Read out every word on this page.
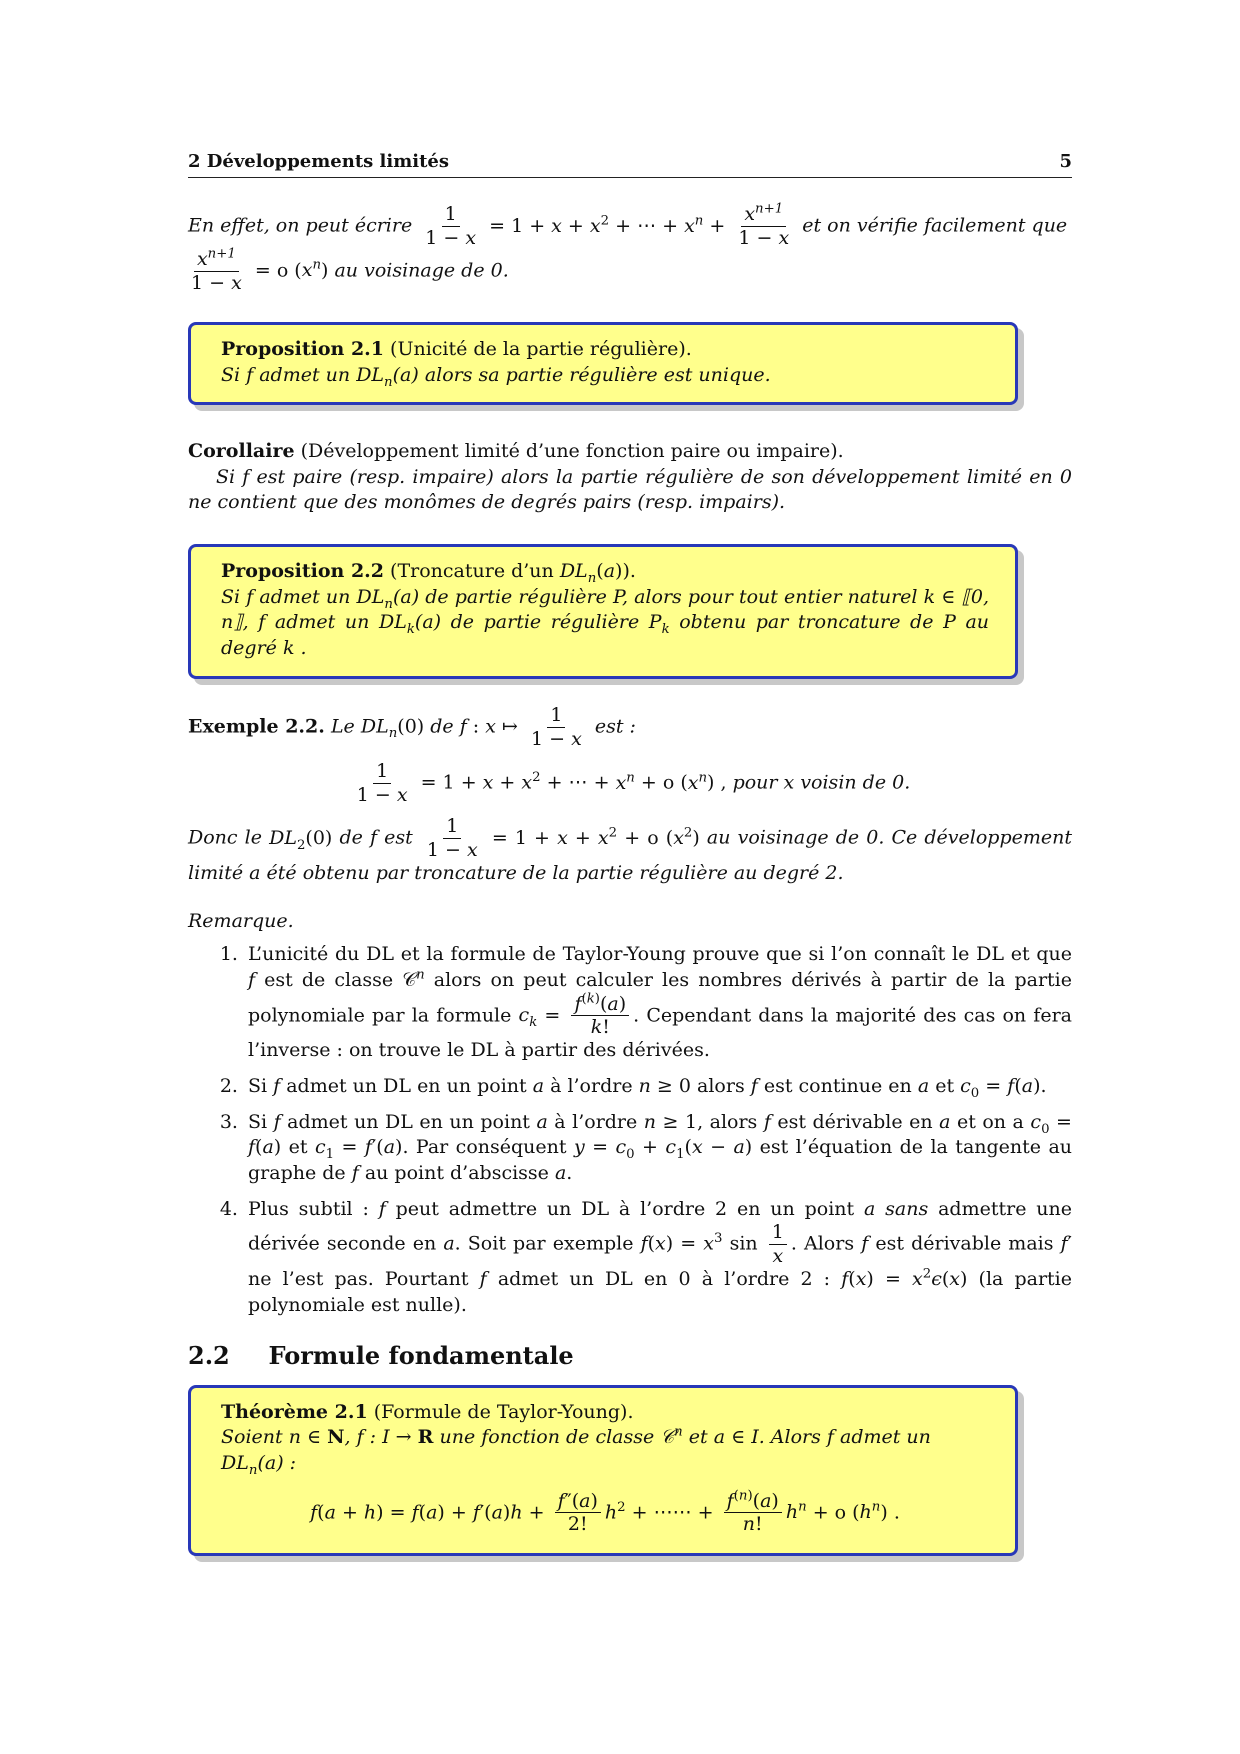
2 Développements limités	5
En effet, on peut écrire $\frac{1}{1 - x} = 1 + x + x^2$ + ⋯ + $x^n + \frac{x^{n+1}}{1 - x}$ et on vérifie facilement que

$\frac{x^{n+1}}{1 - x} = o$ $(x^n)$ au voisinage de 0.
Proposition 2.1 (Unicité de la partie régulière).
Si f admet un $DL_n(a)$ alors sa partie régulière est unique.
Corollaire (Développement limité d’une fonction paire ou impaire).
Si f est paire (resp. impaire) alors la partie régulière de son développement limité en 0 ne contient que des monômes de degrés pairs (resp. impairs).
Proposition 2.2 (Troncature d’un $DL_n(a)$).
Si f admet un $DL_n(a)$ de partie régulière P, alors pour tout entier naturel k ∈ ⟦0, n⟧, f admet un $DL_k(a)$ de partie régulière $P_k$ obtenu par troncature de P au degré k .
Exemple 2.2. Le $DL_n(0)$ de f : x ↦ $\frac{1}{1 - x}$ est :
$\frac{1}{1 - x} = 1 + x + x^2$ + ⋯ + $x^n + o$ $(x^n)$ , pour x voisin de 0.
Donc le $DL_2(0)$ de f est $\frac{1}{1 - x} = 1 + x + x^2 + o$ $(x^2)$ au voisinage de 0. Ce développement limité a été obtenu par troncature de la partie régulière au degré 2.
Remarque.
1. L’unicité du DL et la formule de Taylor-Young prouve que si l’on connaît le DL et que f est de classe 𝒞$^n$ alors on peut calculer les nombres dérivés à partir de la partie polynomiale par la formule $c_k = \frac{f^{(k)}(a)}{k!}$ . Cependant dans la majorité des cas on fera l’inverse : on trouve le DL à partir des dérivées.
2. Si f admet un DL en un point a à l’ordre n ≥ 0 alors f est continue en a et $c_0 = f(a)$.
3. Si f admet un DL en un point a à l’ordre n ≥ 1, alors f est dérivable en a et on a $c_0 = f(a)$ et $c_1 = f'(a)$. Par conséquent $y = c_0 + c_1(x - a)$ est l’équation de la tangente au graphe de f au point d’abscisse a.
4. Plus subtil : f peut admettre un DL à l’ordre 2 en un point a sans admettre une dérivée seconde en a. Soit par exemple $f(x) = x^3$ $\sin \frac{1}{x}$ . Alors f est dérivable mais f′ ne l’est pas. Pourtant f admet un DL en 0 à l’ordre 2 : $f(x) = x^2\epsilon(x)$ (la partie polynomiale est nulle).
2.2 Formule fondamentale
Théorème 2.1 (Formule de Taylor-Young).
Soient n ∈ N, f : I → R une fonction de classe 𝒞$^n$ et a ∈ I. Alors f admet un $DL_n(a)$ :
$f(a + h) = f(a) + f'(a)h + \frac{f''(a)}{2!} h^2$ + ⋯⋯ + $\frac{f^{(n)}(a)}{n!} h^n + o$ $(h^n)$ .
